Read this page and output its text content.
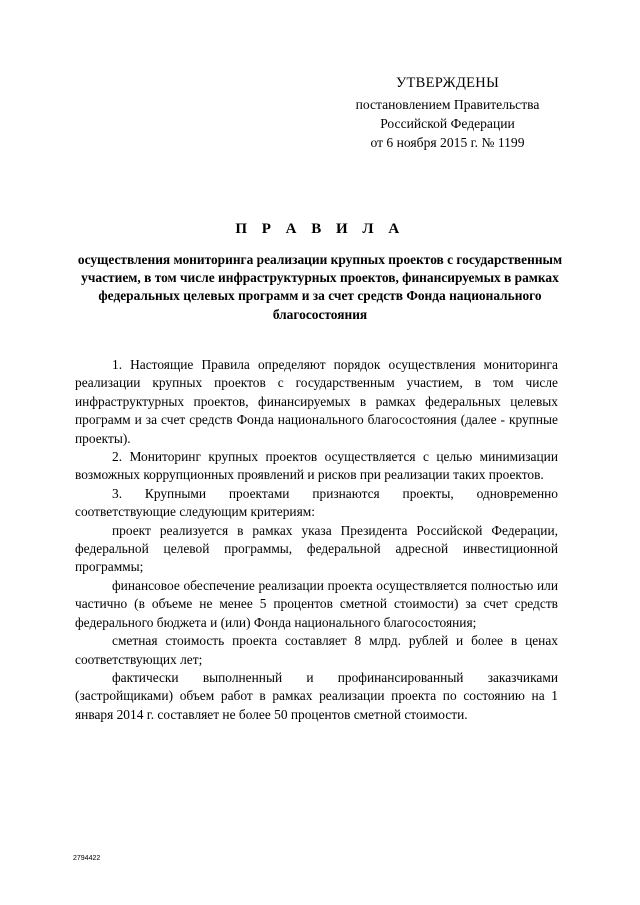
УТВЕРЖДЕНЫ
постановлением Правительства
Российской Федерации
от 6 ноября 2015 г. № 1199
П Р А В И Л А
осуществления мониторинга реализации крупных проектов с государственным участием, в том числе инфраструктурных проектов, финансируемых в рамках федеральных целевых программ и за счет средств Фонда национального благосостояния

1. Настоящие Правила определяют порядок осуществления мониторинга реализации крупных проектов с государственным участием, в том числе инфраструктурных проектов, финансируемых в рамках федеральных целевых программ и за счет средств Фонда национального благосостояния (далее - крупные проекты).

2. Мониторинг крупных проектов осуществляется с целью минимизации возможных коррупционных проявлений и рисков при реализации таких проектов.

3. Крупными проектами признаются проекты, одновременно соответствующие следующим критериям:

проект реализуется в рамках указа Президента Российской Федерации, федеральной целевой программы, федеральной адресной инвестиционной программы;

финансовое обеспечение реализации проекта осуществляется полностью или частично (в объеме не менее 5 процентов сметной стоимости) за счет средств федерального бюджета и (или) Фонда национального благосостояния;

сметная стоимость проекта составляет 8 млрд. рублей и более в ценах соответствующих лет;

фактически выполненный и профинансированный заказчиками (застройщиками) объем работ в рамках реализации проекта по состоянию на 1 января 2014 г. составляет не более 50 процентов сметной стоимости.

2794422
